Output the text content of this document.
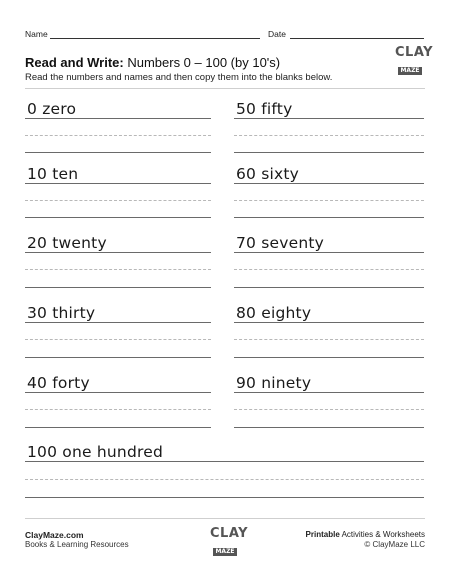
Name	Date
Read and Write: Numbers 0 – 100 (by 10's)
Read the numbers and names and then copy them into the blanks below.
CLAY
MAZE
0 zero	50 fifty
10 ten	60 sixty
20 twenty	70 seventy
30 thirty	80 eighty
40 forty	90 ninety
100 one hundred
ClayMaze.com
Books & Learning Resources
CLAY
MAZE
Printable Activities & Worksheets
© ClayMaze LLC
